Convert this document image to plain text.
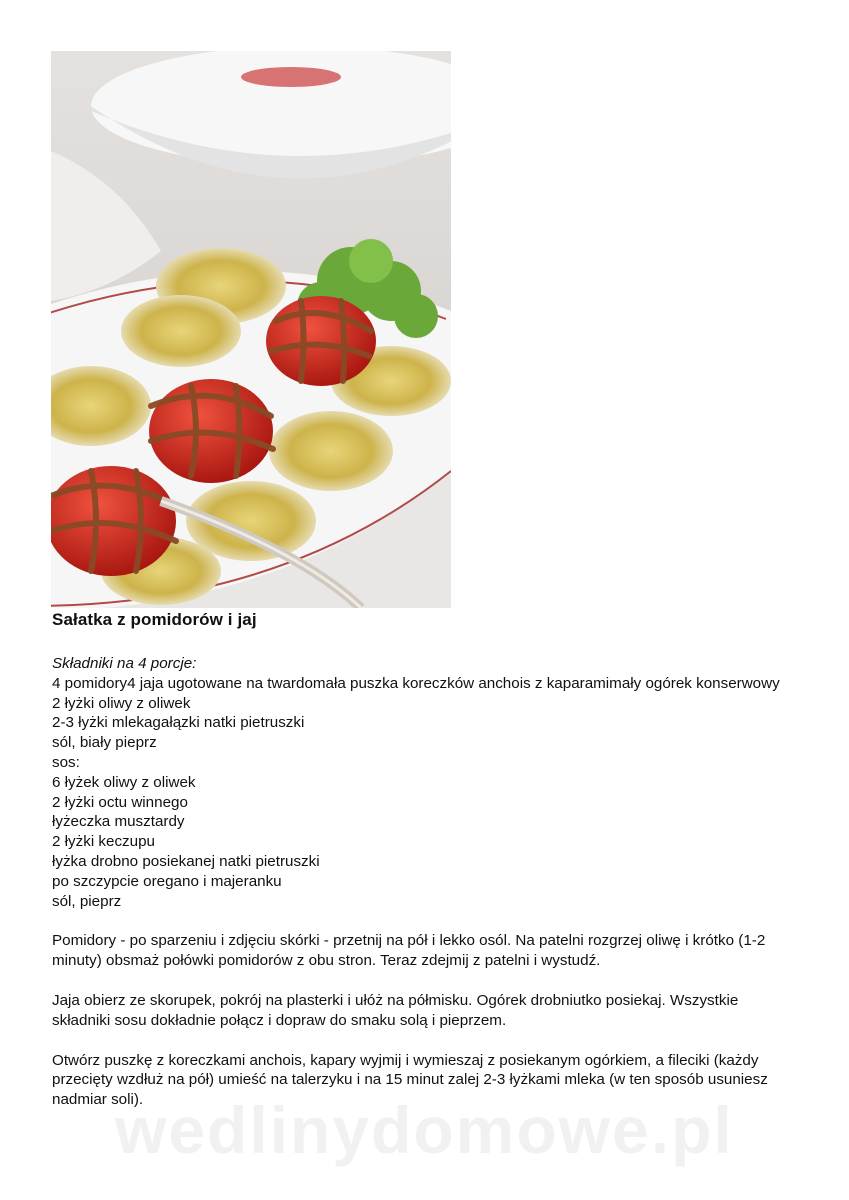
Sałatka z pomidorów i jaj
Składniki na 4 porcje:
4 pomidory4 jaja ugotowane na twardomała puszka koreczków anchois z kaparamimały ogórek konserwowy
2 łyżki oliwy z oliwek
2-3 łyżki mlekagałązki natki pietruszki
sól, biały pieprz
sos:
6 łyżek oliwy z oliwek
2 łyżki octu winnego
łyżeczka musztardy
2 łyżki keczupu
łyżka drobno posiekanej natki pietruszki
po szczypcie oregano i majeranku
sól, pieprz

Pomidory - po sparzeniu i zdjęciu skórki - przetnij na pół i lekko osól. Na patelni rozgrzej oliwę i krótko (1-2 minuty) obsmaż połówki pomidorów z obu stron. Teraz zdejmij z patelni i wystudź.

Jaja obierz ze skorupek, pokrój na plasterki i ułóż na półmisku. Ogórek drobniutko posiekaj. Wszystkie składniki sosu dokładnie połącz i dopraw do smaku solą i pieprzem.

Otwórz puszkę z koreczkami anchois, kapary wyjmij i wymieszaj z posiekanym ogórkiem, a fileciki (każdy przecięty wzdłuż na pół) umieść na talerzyku i na 15 minut zalej 2-3 łyżkami mleka (w ten sposób usuniesz nadmiar soli).

wedlinydomowe.pl
